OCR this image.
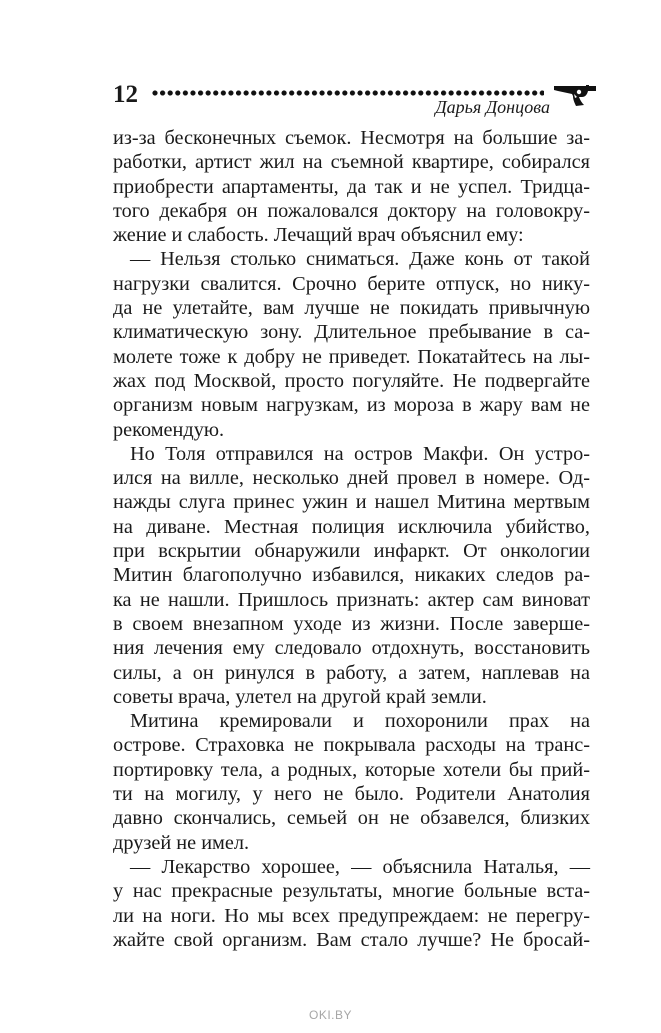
12	Дарья Донцова
из-за бесконечных съемок. Несмотря на большие за-
работки, артист жил на съемной квартире, собирался
приобрести апартаменты, да так и не успел. Тридца-
того декабря он пожаловался доктору на головокру-
жение и слабость. Лечащий врач объяснил ему:
— Нельзя столько сниматься. Даже конь от такой
нагрузки свалится. Срочно берите отпуск, но нику-
да не улетайте, вам лучше не покидать привычную
климатическую зону. Длительное пребывание в са-
молете тоже к добру не приведет. Покатайтесь на лы-
жах под Москвой, просто погуляйте. Не подвергайте
организм новым нагрузкам, из мороза в жару вам не
рекомендую.
Но Толя отправился на остров Макфи. Он устро-
ился на вилле, несколько дней провел в номере. Од-
нажды слуга принес ужин и нашел Митина мертвым
на диване. Местная полиция исключила убийство,
при вскрытии обнаружили инфаркт. От онкологии
Митин благополучно избавился, никаких следов ра-
ка не нашли. Пришлось признать: актер сам виноват
в своем внезапном уходе из жизни. После заверше-
ния лечения ему следовало отдохнуть, восстановить
силы, а он ринулся в работу, а затем, наплевав на
советы врача, улетел на другой край земли.
Митина кремировали и похоронили прах на
острове. Страховка не покрывала расходы на транс-
портировку тела, а родных, которые хотели бы прий-
ти на могилу, у него не было. Родители Анатолия
давно скончались, семьей он не обзавелся, близких
друзей не имел.
— Лекарство хорошее, — объяснила Наталья, —
у нас прекрасные результаты, многие больные вста-
ли на ноги. Но мы всех предупреждаем: не перегру-
жайте свой организм. Вам стало лучше? Не бросай-
OKI.BY
